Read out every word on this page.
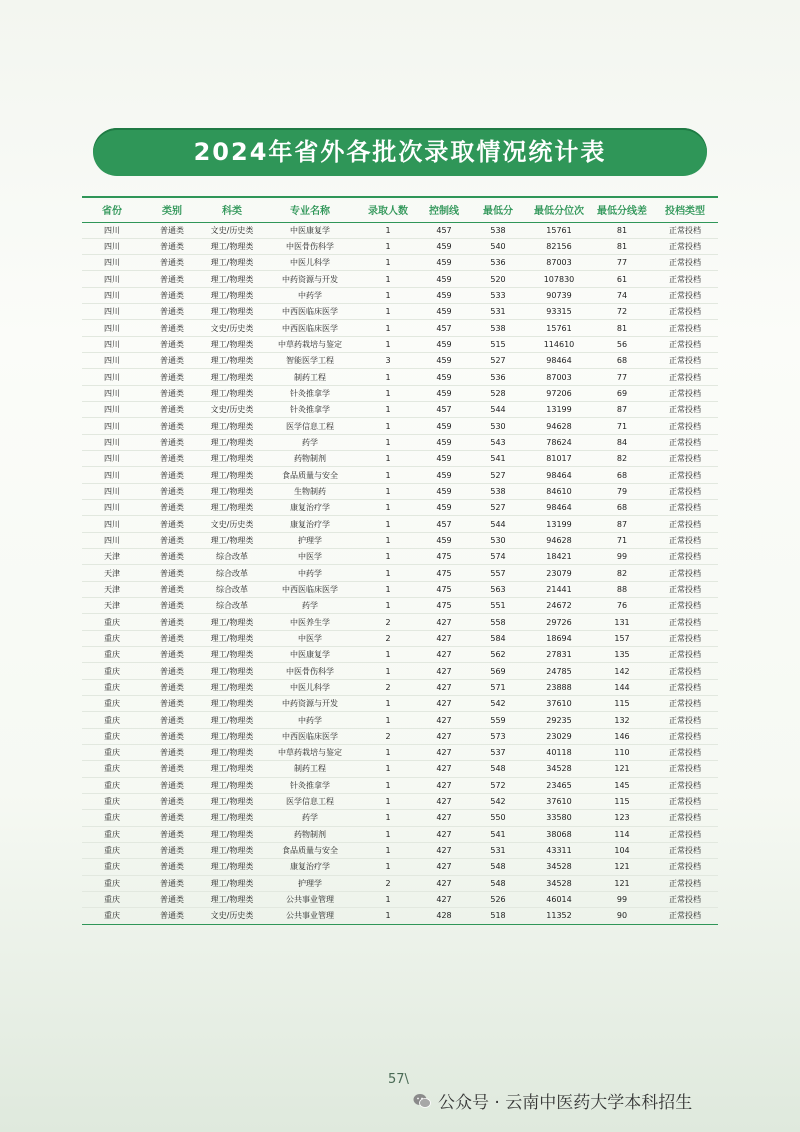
2024年省外各批次录取情况统计表
省份	类别	科类	专业名称	录取人数	控制线	最低分	最低分位次	最低分线差	投档类型
四川	普通类	文史/历史类	中医康复学	1	457	538	15761	81	正常投档
四川	普通类	理工/物理类	中医骨伤科学	1	459	540	82156	81	正常投档
四川	普通类	理工/物理类	中医儿科学	1	459	536	87003	77	正常投档
四川	普通类	理工/物理类	中药资源与开发	1	459	520	107830	61	正常投档
四川	普通类	理工/物理类	中药学	1	459	533	90739	74	正常投档
四川	普通类	理工/物理类	中西医临床医学	1	459	531	93315	72	正常投档
四川	普通类	文史/历史类	中西医临床医学	1	457	538	15761	81	正常投档
四川	普通类	理工/物理类	中草药栽培与鉴定	1	459	515	114610	56	正常投档
四川	普通类	理工/物理类	智能医学工程	3	459	527	98464	68	正常投档
四川	普通类	理工/物理类	制药工程	1	459	536	87003	77	正常投档
四川	普通类	理工/物理类	针灸推拿学	1	459	528	97206	69	正常投档
四川	普通类	文史/历史类	针灸推拿学	1	457	544	13199	87	正常投档
四川	普通类	理工/物理类	医学信息工程	1	459	530	94628	71	正常投档
四川	普通类	理工/物理类	药学	1	459	543	78624	84	正常投档
四川	普通类	理工/物理类	药物制剂	1	459	541	81017	82	正常投档
四川	普通类	理工/物理类	食品质量与安全	1	459	527	98464	68	正常投档
四川	普通类	理工/物理类	生物制药	1	459	538	84610	79	正常投档
四川	普通类	理工/物理类	康复治疗学	1	459	527	98464	68	正常投档
四川	普通类	文史/历史类	康复治疗学	1	457	544	13199	87	正常投档
四川	普通类	理工/物理类	护理学	1	459	530	94628	71	正常投档
天津	普通类	综合改革	中医学	1	475	574	18421	99	正常投档
天津	普通类	综合改革	中药学	1	475	557	23079	82	正常投档
天津	普通类	综合改革	中西医临床医学	1	475	563	21441	88	正常投档
天津	普通类	综合改革	药学	1	475	551	24672	76	正常投档
重庆	普通类	理工/物理类	中医养生学	2	427	558	29726	131	正常投档
重庆	普通类	理工/物理类	中医学	2	427	584	18694	157	正常投档
重庆	普通类	理工/物理类	中医康复学	1	427	562	27831	135	正常投档
重庆	普通类	理工/物理类	中医骨伤科学	1	427	569	24785	142	正常投档
重庆	普通类	理工/物理类	中医儿科学	2	427	571	23888	144	正常投档
重庆	普通类	理工/物理类	中药资源与开发	1	427	542	37610	115	正常投档
重庆	普通类	理工/物理类	中药学	1	427	559	29235	132	正常投档
重庆	普通类	理工/物理类	中西医临床医学	2	427	573	23029	146	正常投档
重庆	普通类	理工/物理类	中草药栽培与鉴定	1	427	537	40118	110	正常投档
重庆	普通类	理工/物理类	制药工程	1	427	548	34528	121	正常投档
重庆	普通类	理工/物理类	针灸推拿学	1	427	572	23465	145	正常投档
重庆	普通类	理工/物理类	医学信息工程	1	427	542	37610	115	正常投档
重庆	普通类	理工/物理类	药学	1	427	550	33580	123	正常投档
重庆	普通类	理工/物理类	药物制剂	1	427	541	38068	114	正常投档
重庆	普通类	理工/物理类	食品质量与安全	1	427	531	43311	104	正常投档
重庆	普通类	理工/物理类	康复治疗学	1	427	548	34528	121	正常投档
重庆	普通类	理工/物理类	护理学	2	427	548	34528	121	正常投档
重庆	普通类	理工/物理类	公共事业管理	1	427	526	46014	99	正常投档
重庆	普通类	文史/历史类	公共事业管理	1	428	518	11352	90	正常投档
57\
公众号 · 云南中医药大学本科招生
